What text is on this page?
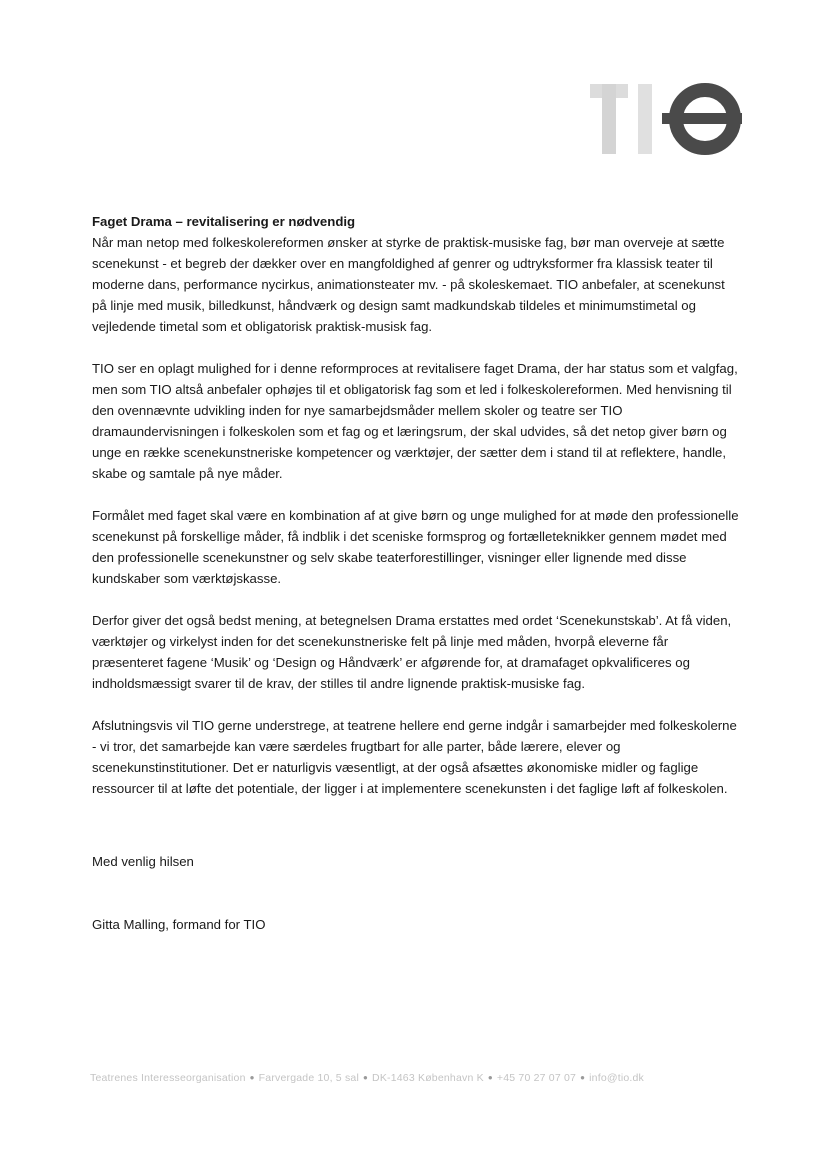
Faget Drama – revitalisering er nødvendig

Når man netop med folkeskolereformen ønsker at styrke de praktisk-musiske fag, bør man overveje at sætte scenekunst - et begreb der dækker over en mangfoldighed af genrer og udtryksformer fra klassisk teater til moderne dans, performance nycirkus, animationsteater mv. - på skoleskemaet. TIO anbefaler, at scenekunst på linje med musik, billedkunst, håndværk og design samt madkundskab tildeles et minimumstimetal og vejledende timetal som et obligatorisk praktisk-musisk fag.

TIO ser en oplagt mulighed for i denne reformproces at revitalisere faget Drama, der har status som et valgfag, men som TIO altså anbefaler ophøjes til et obligatorisk fag som et led i folkeskolereformen. Med henvisning til den ovennævnte udvikling inden for nye samarbejdsmåder mellem skoler og teatre ser TIO dramaundervisningen i folkeskolen som et fag og et læringsrum, der skal udvides, så det netop giver børn og unge en række scenekunstneriske kompetencer og værktøjer, der sætter dem i stand til at reflektere, handle, skabe og samtale på nye måder.

Formålet med faget skal være en kombination af at give børn og unge mulighed for at møde den professionelle scenekunst på forskellige måder, få indblik i det sceniske formsprog og fortælleteknikker gennem mødet med den professionelle scenekunstner og selv skabe teaterforestillinger, visninger eller lignende med disse kundskaber som værktøjskasse.

Derfor giver det også bedst mening, at betegnelsen Drama erstattes med ordet ‘Scenekunstskab’. At få viden, værktøjer og virkelyst inden for det scenekunstneriske felt på linje med måden, hvorpå eleverne får præsenteret fagene ‘Musik’ og ‘Design og Håndværk’ er afgørende for, at dramafaget opkvalificeres og indholdsmæssigt svarer til de krav, der stilles til andre lignende praktisk-musiske fag.

Afslutningsvis vil TIO gerne understrege, at teatrene hellere end gerne indgår i samarbejder med folkeskolerne - vi tror, det samarbejde kan være særdeles frugtbart for alle parter, både lærere, elever og scenekunstinstitutioner. Det er naturligvis væsentligt, at der også afsættes økonomiske midler og faglige ressourcer til at løfte det potentiale, der ligger i at implementere scenekunsten i det faglige løft af folkeskolen.

Med venlig hilsen

Gitta Malling, formand for TIO

Teatrenes Interesseorganisation ● Farvergade 10, 5 sal ● DK-1463 København K ● +45 70 27 07 07 ● info@tio.dk
